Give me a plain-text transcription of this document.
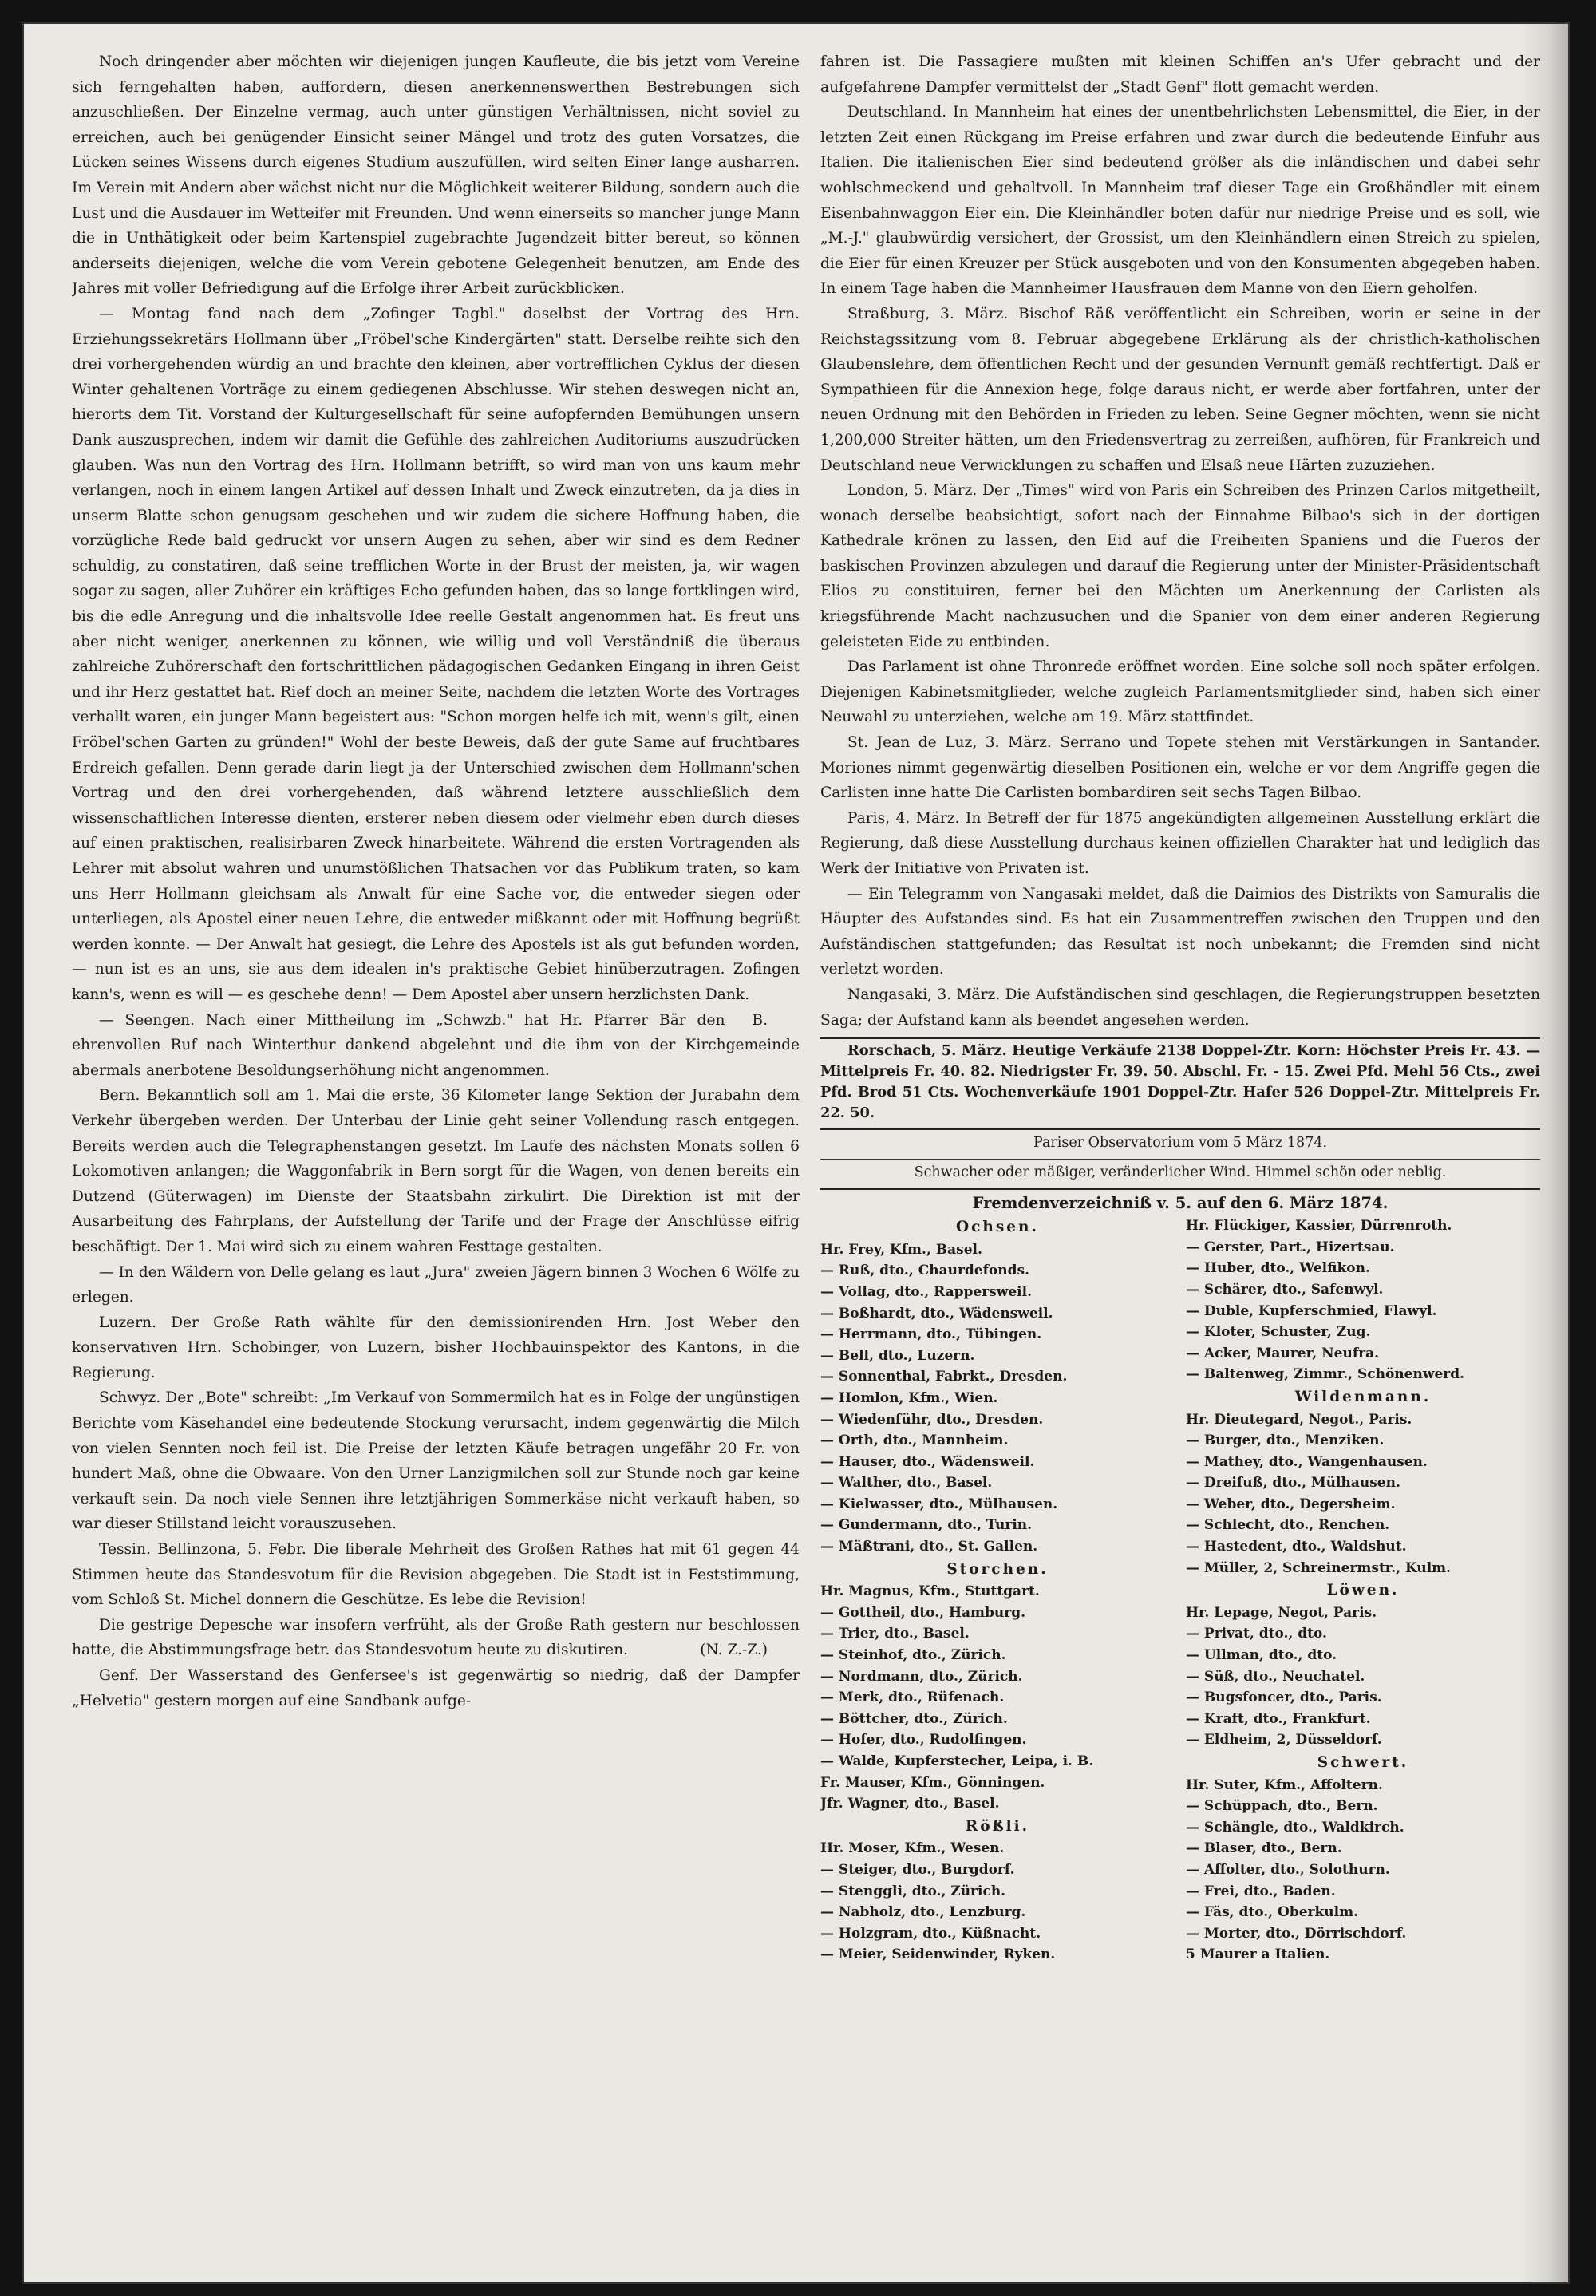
Noch dringender aber möchten wir diejenigen jungen Kaufleute, die bis jetzt vom Vereine sich ferngehalten haben, auffordern, diesen anerkennenswerthen Bestrebungen sich anzuschließen. Der Einzelne vermag, auch unter günstigen Verhältnissen, nicht soviel zu erreichen, auch bei genügender Einsicht seiner Mängel und trotz des guten Vorsatzes, die Lücken seines Wissens durch eigenes Studium auszufüllen, wird selten Einer lange ausharren. Im Verein mit Andern aber wächst nicht nur die Möglichkeit weiterer Bildung, sondern auch die Lust und die Ausdauer im Wetteifer mit Freunden. Und wenn einerseits so mancher junge Mann die in Unthätigkeit oder beim Kartenspiel zugebrachte Jugendzeit bitter bereut, so können anderseits diejenigen, welche die vom Verein gebotene Gelegenheit benutzen, am Ende des Jahres mit voller Befriedigung auf die Erfolge ihrer Arbeit zurückblicken.

— Montag fand nach dem „Zofinger Tagbl." daselbst der Vortrag des Hrn. Erziehungssekretärs Hollmann über „Fröbel'sche Kindergärten" statt. Derselbe reihte sich den drei vorhergehenden würdig an und brachte den kleinen, aber vortrefflichen Cyklus der diesen Winter gehaltenen Vorträge zu einem gediegenen Abschlusse. Wir stehen deswegen nicht an, hierorts dem Tit. Vorstand der Kulturgesellschaft für seine aufopfernden Bemühungen unsern Dank auszusprechen, indem wir damit die Gefühle des zahlreichen Auditoriums auszudrücken glauben. Was nun den Vortrag des Hrn. Hollmann betrifft, so wird man von uns kaum mehr verlangen, noch in einem langen Artikel auf dessen Inhalt und Zweck einzutreten, da ja dies in unserm Blatte schon genugsam geschehen und wir zudem die sichere Hoffnung haben, die vorzügliche Rede bald gedruckt vor unsern Augen zu sehen, aber wir sind es dem Redner schuldig, zu constatiren, daß seine trefflichen Worte in der Brust der meisten, ja, wir wagen sogar zu sagen, aller Zuhörer ein kräftiges Echo gefunden haben, das so lange fortklingen wird, bis die edle Anregung und die inhaltsvolle Idee reelle Gestalt angenommen hat. Es freut uns aber nicht weniger, anerkennen zu können, wie willig und voll Verständniß die überaus zahlreiche Zuhörerschaft den fortschrittlichen pädagogischen Gedanken Eingang in ihren Geist und ihr Herz gestattet hat. Rief doch an meiner Seite, nachdem die letzten Worte des Vortrages verhallt waren, ein junger Mann begeistert aus: "Schon morgen helfe ich mit, wenn's gilt, einen Fröbel'schen Garten zu gründen!" Wohl der beste Beweis, daß der gute Same auf fruchtbares Erdreich gefallen. Denn gerade darin liegt ja der Unterschied zwischen dem Hollmann'schen Vortrag und den drei vorhergehenden, daß während letztere ausschließlich dem wissenschaftlichen Interesse dienten, ersterer neben diesem oder vielmehr eben durch dieses auf einen praktischen, realisirbaren Zweck hinarbeitete. Während die ersten Vortragenden als Lehrer mit absolut wahren und unumstößlichen Thatsachen vor das Publikum traten, so kam uns Herr Hollmann gleichsam als Anwalt für eine Sache vor, die entweder siegen oder unterliegen, als Apostel einer neuen Lehre, die entweder mißkannt oder mit Hoffnung begrüßt werden konnte. — Der Anwalt hat gesiegt, die Lehre des Apostels ist als gut befunden worden, — nun ist es an uns, sie aus dem idealen in's praktische Gebiet hinüberzutragen. Zofingen kann's, wenn es will — es geschehe denn! — Dem Apostel aber unsern herzlichsten Dank.
B.

— Seengen. Nach einer Mittheilung im „Schwzb." hat Hr. Pfarrer Bär den ehrenvollen Ruf nach Winterthur dankend abgelehnt und die ihm von der Kirchgemeinde abermals anerbotene Besoldungserhöhung nicht angenommen.

Bern. Bekanntlich soll am 1. Mai die erste, 36 Kilometer lange Sektion der Jurabahn dem Verkehr übergeben werden. Der Unterbau der Linie geht seiner Vollendung rasch entgegen. Bereits werden auch die Telegraphenstangen gesetzt. Im Laufe des nächsten Monats sollen 6 Lokomotiven anlangen; die Waggonfabrik in Bern sorgt für die Wagen, von denen bereits ein Dutzend (Güterwagen) im Dienste der Staatsbahn zirkulirt. Die Direktion ist mit der Ausarbeitung des Fahrplans, der Aufstellung der Tarife und der Frage der Anschlüsse eifrig beschäftigt. Der 1. Mai wird sich zu einem wahren Festtage gestalten.

— In den Wäldern von Delle gelang es laut „Jura" zweien Jägern binnen 3 Wochen 6 Wölfe zu erlegen.

Luzern. Der Große Rath wählte für den demissionirenden Hrn. Jost Weber den konservativen Hrn. Schobinger, von Luzern, bisher Hochbauinspektor des Kantons, in die Regierung.

Schwyz. Der „Bote" schreibt: „Im Verkauf von Sommermilch hat es in Folge der ungünstigen Berichte vom Käsehandel eine bedeutende Stockung verursacht, indem gegenwärtig die Milch von vielen Sennten noch feil ist. Die Preise der letzten Käufe betragen ungefähr 20 Fr. von hundert Maß, ohne die Obwaare. Von den Urner Lanzigmilchen soll zur Stunde noch gar keine verkauft sein. Da noch viele Sennen ihre letztjährigen Sommerkäse nicht verkauft haben, so war dieser Stillstand leicht vorauszusehen.

Tessin. Bellinzona, 5. Febr. Die liberale Mehrheit des Großen Rathes hat mit 61 gegen 44 Stimmen heute das Standesvotum für die Revision abgegeben. Die Stadt ist in Feststimmung, vom Schloß St. Michel donnern die Geschütze. Es lebe die Revision!

Die gestrige Depesche war insofern verfrüht, als der Große Rath gestern nur beschlossen hatte, die Abstimmungsfrage betr. das Standesvotum heute zu diskutiren.	(N. Z.-Z.)

Genf. Der Wasserstand des Genfersee's ist gegenwärtig so niedrig, daß der Dampfer „Helvetia" gestern morgen auf eine Sandbank aufge-

fahren ist. Die Passagiere mußten mit kleinen Schiffen an's Ufer gebracht und der aufgefahrene Dampfer vermittelst der „Stadt Genf" flott gemacht werden.

Deutschland. In Mannheim hat eines der unentbehrlichsten Lebensmittel, die Eier, in der letzten Zeit einen Rückgang im Preise erfahren und zwar durch die bedeutende Einfuhr aus Italien. Die italienischen Eier sind bedeutend größer als die inländischen und dabei sehr wohlschmeckend und gehaltvoll. In Mannheim traf dieser Tage ein Großhändler mit einem Eisenbahnwaggon Eier ein. Die Kleinhändler boten dafür nur niedrige Preise und es soll, wie „M.-J." glaubwürdig versichert, der Grossist, um den Kleinhändlern einen Streich zu spielen, die Eier für einen Kreuzer per Stück ausgeboten und von den Konsumenten abgegeben haben. In einem Tage haben die Mannheimer Hausfrauen dem Manne von den Eiern geholfen.

Straßburg, 3. März. Bischof Räß veröffentlicht ein Schreiben, worin er seine in der Reichstagssitzung vom 8. Februar abgegebene Erklärung als der christlich-katholischen Glaubenslehre, dem öffentlichen Recht und der gesunden Vernunft gemäß rechtfertigt. Daß er Sympathieen für die Annexion hege, folge daraus nicht, er werde aber fortfahren, unter der neuen Ordnung mit den Behörden in Frieden zu leben. Seine Gegner möchten, wenn sie nicht 1,200,000 Streiter hätten, um den Friedensvertrag zu zerreißen, aufhören, für Frankreich und Deutschland neue Verwicklungen zu schaffen und Elsaß neue Härten zuzuziehen.

London, 5. März. Der „Times" wird von Paris ein Schreiben des Prinzen Carlos mitgetheilt, wonach derselbe beabsichtigt, sofort nach der Einnahme Bilbao's sich in der dortigen Kathedrale krönen zu lassen, den Eid auf die Freiheiten Spaniens und die Fueros der baskischen Provinzen abzulegen und darauf die Regierung unter der Minister-Präsidentschaft Elios zu constituiren, ferner bei den Mächten um Anerkennung der Carlisten als kriegsführende Macht nachzusuchen und die Spanier von dem einer anderen Regierung geleisteten Eide zu entbinden.

Das Parlament ist ohne Thronrede eröffnet worden. Eine solche soll noch später erfolgen. Diejenigen Kabinetsmitglieder, welche zugleich Parlamentsmitglieder sind, haben sich einer Neuwahl zu unterziehen, welche am 19. März stattfindet.

St. Jean de Luz, 3. März. Serrano und Topete stehen mit Verstärkungen in Santander. Moriones nimmt gegenwärtig dieselben Positionen ein, welche er vor dem Angriffe gegen die Carlisten inne hatte Die Carlisten bombardiren seit sechs Tagen Bilbao.

Paris, 4. März. In Betreff der für 1875 angekündigten allgemeinen Ausstellung erklärt die Regierung, daß diese Ausstellung durchaus keinen offiziellen Charakter hat und lediglich das Werk der Initiative von Privaten ist.

— Ein Telegramm von Nangasaki meldet, daß die Daimios des Distrikts von Samuralis die Häupter des Aufstandes sind. Es hat ein Zusammentreffen zwischen den Truppen und den Aufständischen stattgefunden; das Resultat ist noch unbekannt; die Fremden sind nicht verletzt worden.

Nangasaki, 3. März. Die Aufständischen sind geschlagen, die Regierungstruppen besetzten Saga; der Aufstand kann als beendet angesehen werden.

Rorschach, 5. März. Heutige Verkäufe 2138 Doppel-Ztr. Korn: Höchster Preis Fr. 43. — Mittelpreis Fr. 40. 82. Niedrigster Fr. 39. 50. Abschl. Fr. - 15. Zwei Pfd. Mehl 56 Cts., zwei Pfd. Brod 51 Cts. Wochenverkäufe 1901 Doppel-Ztr. Hafer 526 Doppel-Ztr. Mittelpreis Fr. 22. 50.

Pariser Observatorium vom 5 März 1874.
Schwacher oder mäßiger, veränderlicher Wind. Himmel schön oder neblig.
Fremdenverzeichniß v. 5. auf den 6. März 1874.
Ochsen.
Hr. Frey, Kfm., Basel.
— Ruß, dto., Chaurdefonds.
— Vollag, dto., Rappersweil.
— Boßhardt, dto., Wädensweil.
— Herrmann, dto., Tübingen.
— Bell, dto., Luzern.
— Sonnenthal, Fabrkt., Dresden.
— Homlon, Kfm., Wien.
— Wiedenführ, dto., Dresden.
— Orth, dto., Mannheim.
— Hauser, dto., Wädensweil.
— Walther, dto., Basel.
— Kielwasser, dto., Mülhausen.
— Gundermann, dto., Turin.
— Mäßtrani, dto., St. Gallen.
Storchen.
Hr. Magnus, Kfm., Stuttgart.
— Gottheil, dto., Hamburg.
— Trier, dto., Basel.
— Steinhof, dto., Zürich.
— Nordmann, dto., Zürich.
— Merk, dto., Rüfenach.
— Böttcher, dto., Zürich.
— Hofer, dto., Rudolfingen.
— Walde, Kupferstecher, Leipa, i. B.
Fr. Mauser, Kfm., Gönningen.
Jfr. Wagner, dto., Basel.
Rößli.
Hr. Moser, Kfm., Wesen.
— Steiger, dto., Burgdorf.
— Stenggli, dto., Zürich.
— Nabholz, dto., Lenzburg.
— Holzgram, dto., Küßnacht.
— Meier, Seidenwinder, Ryken.
Hr. Flückiger, Kassier, Dürrenroth.
— Gerster, Part., Hizertsau.
— Huber, dto., Welfikon.
— Schärer, dto., Safenwyl.
— Duble, Kupferschmied, Flawyl.
— Kloter, Schuster, Zug.
— Acker, Maurer, Neufra.
— Baltenweg, Zimmr., Schönenwerd.
Wildenmann.
Hr. Dieutegard, Negot., Paris.
— Burger, dto., Menziken.
— Mathey, dto., Wangenhausen.
— Dreifuß, dto., Mülhausen.
— Weber, dto., Degersheim.
— Schlecht, dto., Renchen.
— Hastedent, dto., Waldshut.
— Müller, 2, Schreinermstr., Kulm.
Löwen.
Hr. Lepage, Negot, Paris.
— Privat, dto., dto.
— Ullman, dto., dto.
— Süß, dto., Neuchatel.
— Bugsfoncer, dto., Paris.
— Kraft, dto., Frankfurt.
— Eldheim, 2, Düsseldorf.
Schwert.
Hr. Suter, Kfm., Affoltern.
— Schüppach, dto., Bern.
— Schängle, dto., Waldkirch.
— Blaser, dto., Bern.
— Affolter, dto., Solothurn.
— Frei, dto., Baden.
— Fäs, dto., Oberkulm.
— Morter, dto., Dörrischdorf.
5 Maurer a Italien.
